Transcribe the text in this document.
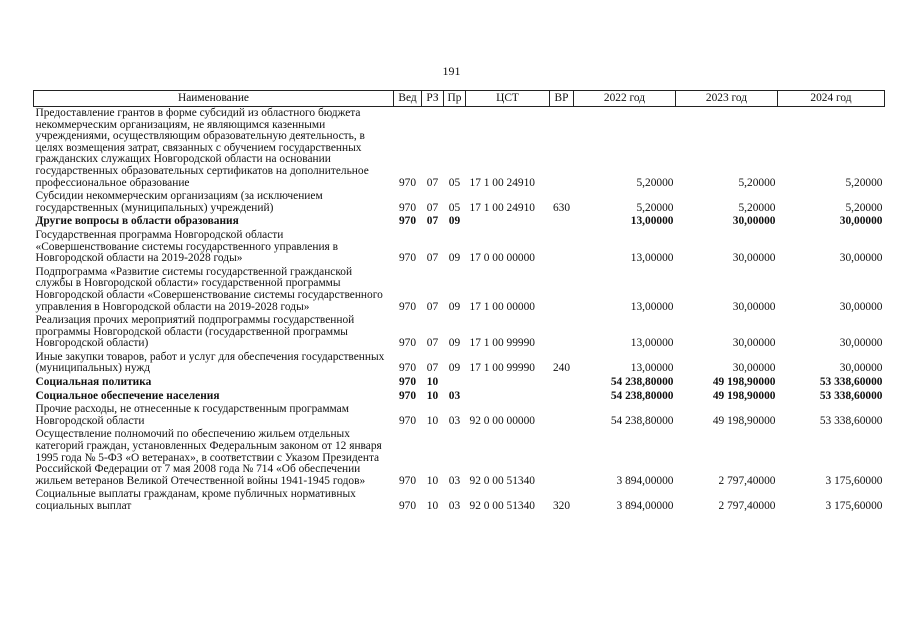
191
Наименование	Вед	РЗ	Пр	ЦСТ	ВР	2022 год	2023 год	2024 год
Предоставление грантов в форме субсидий из областного бюджета некоммерческим организациям, не являющимся казенными учреждениями, осуществляющим образовательную деятельность, в целях возмещения затрат, связанных с обучением государственных гражданских служащих Новгородской области на основании государственных образовательных сертификатов на дополнительное профессиональное образование	970	07	05	17 1 00 24910		5,20000	5,20000	5,20000
Субсидии некоммерческим организациям (за исключением государственных (муниципальных) учреждений)	970	07	05	17 1 00 24910	630	5,20000	5,20000	5,20000
Другие вопросы в области образования	970	07	09			13,00000	30,00000	30,00000
Государственная программа Новгородской области «Совершенствование системы государственного управления в Новгородской области на 2019-2028 годы»	970	07	09	17 0 00 00000		13,00000	30,00000	30,00000
Подпрограмма «Развитие системы государственной гражданской службы в Новгородской области» государственной программы Новгородской области «Совершенствование системы государственного управления в Новгородской области на 2019-2028 годы»	970	07	09	17 1 00 00000		13,00000	30,00000	30,00000
Реализация прочих мероприятий подпрограммы государственной программы Новгородской области (государственной программы Новгородской области)	970	07	09	17 1 00 99990		13,00000	30,00000	30,00000
Иные закупки товаров, работ и услуг для обеспечения государственных (муниципальных) нужд	970	07	09	17 1 00 99990	240	13,00000	30,00000	30,00000
Социальная политика	970	10				54 238,80000	49 198,90000	53 338,60000
Социальное обеспечение населения	970	10	03			54 238,80000	49 198,90000	53 338,60000
Прочие расходы, не отнесенные к государственным программам Новгородской области	970	10	03	92 0 00 00000		54 238,80000	49 198,90000	53 338,60000
Осуществление полномочий по обеспечению жильем отдельных категорий граждан, установленных Федеральным законом от 12 января 1995 года № 5-ФЗ «О ветеранах», в соответствии с Указом Президента Российской Федерации от 7 мая 2008 года № 714 «Об обеспечении жильем ветеранов Великой Отечественной войны 1941-1945 годов»	970	10	03	92 0 00 51340		3 894,00000	2 797,40000	3 175,60000
Социальные выплаты гражданам, кроме публичных нормативных социальных выплат	970	10	03	92 0 00 51340	320	3 894,00000	2 797,40000	3 175,60000
